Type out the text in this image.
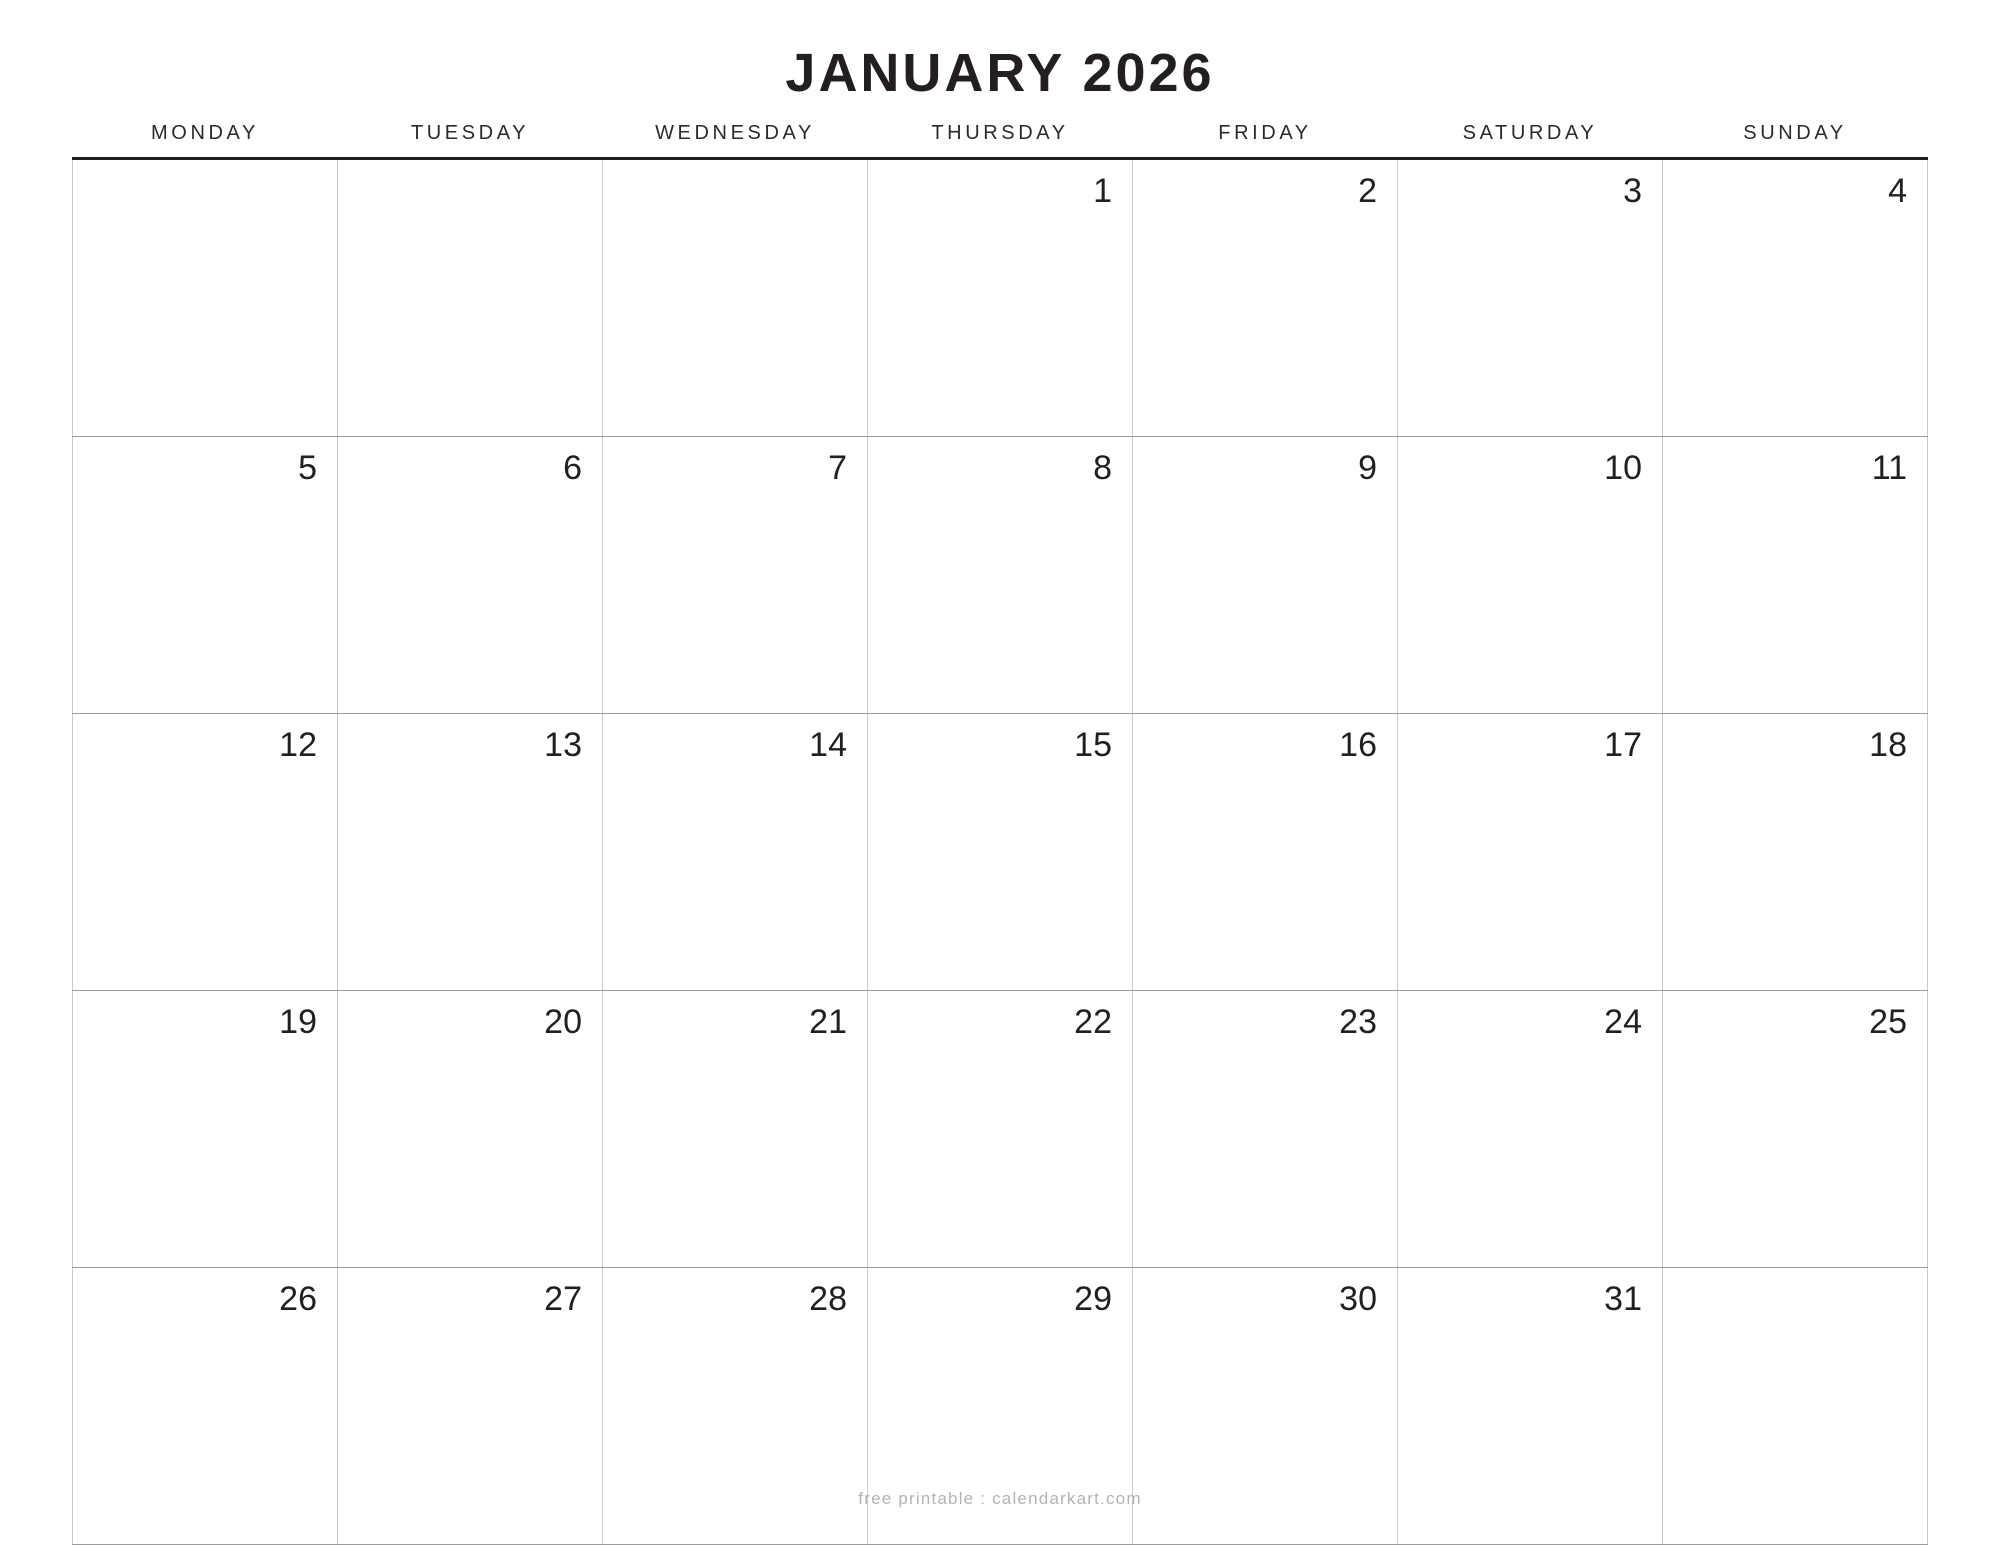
JANUARY 2026
MONDAY	TUESDAY	WEDNESDAY	THURSDAY	FRIDAY	SATURDAY	SUNDAY

			1	2	3	4

5	6	7	8	9	10	11

12	13	14	15	16	17	18

19	20	21	22	23	24	25

26	27	28	29	30	31	

free printable : calendarkart.com
